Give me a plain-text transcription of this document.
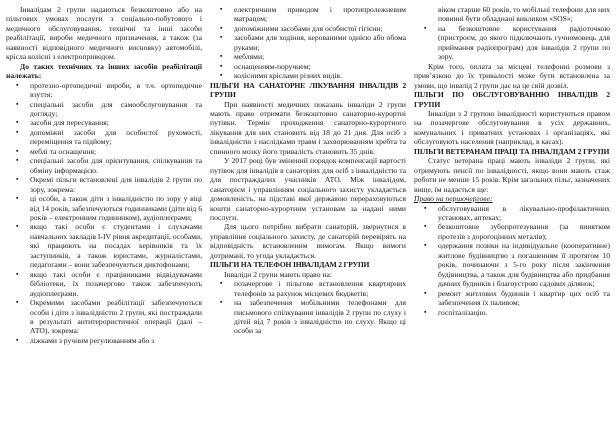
Інвалідам 2 групи надаються безкоштовно або на пільгових умовах послуги з соціально-побутового і медичного обслуговування, технічні та інші засоби реабілітації, вироби медичного призначення, а також (за наявності відповідного медичного висновку) автомобілі, крісла колісні з електроприводом.

До таких технічних та інших засобів реабілітації належать:

▪ протезно-ортопедичні вироби, в т.ч. ортопедичне взуття;
▪ спеціальні засоби для самообслуговування та догляду;
▪ засоби для пересування;
▪ допоміжні засоби для особистої рухомості, переміщення та підйому;
▪ меблі та оснащення;
▪ спеціальні засоби для орієнтування, спілкування та обміну інформацією.
▪ Окремі пільги встановлені для інвалідів 2 групи по зору, зокрема:
▪ ці особи, а також діти з інвалідністю по зору у віці від 14 років, забезпечуються годинниками (діти від 6 років – електронним годинником), аудіоплеєрами;
▪ якщо такі особи є студентами і слухачами навчальних закладів І-IV рівня акредитації, особами, які працюють на посадах керівників та їх заступників, а також юристами, журналістами, педагогами – вони забезпечуються диктофонами;
▪ якщо такі особи є працівниками відвідувачами бібліотеки, їх позачергово також забезпечують аудіоплеєрами.
▪ Окремими засобами реабілітації забезпечуються особи і діти з інвалідністю 2 групи, які постраждали в результаті антитерористичної операції (далі – АТО), зокрема:
▪ ліжками з ручним регулюванням або з
▪ електричним приводом і протипролежневим матрацом;
▪ допоміжними засобами для особистої гігієни;
▪ засобами для ходіння, керованими однією або обома руками;
▪ меблями;
▪ оснащенням-поручнем;
▪ колісними кріслами різних видів.

ПІЛЬГИ НА САНАТОРНЕ ЛІКУВАННЯ ІНВАЛІДІВ 2 ГРУПИ

При наявності медичних показань інваліди 2 групи мають право отримати безкоштовно санаторно-курортні путівки. Термін проходження санаторно-курортного лікування для них становить від 18 до 21 дня. Для осіб з інвалідністю з наслідками травм і захворюванням хребта та спинного мозку його тривалість становить 35 днів.

У 2017 році був змінений порядок компенсації вартості путівок для інвалідів в санаторіях для осіб з інвалідністю та для постраждалих учасників АТО. Між інвалідом, санаторієм і управлінням соціального захисту укладається домовленість, на підставі якої державою перераховуються кошти санаторно-курортним установам за надані ними послуги.

Для цього потрібно вибрати санаторій, звернутися в управління соціального захисту, де санаторій перевірять на відповідність встановленим вимогам. Якщо вимоги дотримані, то угода укладається.

ПІЛЬГИ НА ТЕЛЕФОН ІНВАЛІДАМ 2 ГРУПИ

Інваліди 2 групи мають право на:

▪ позачергове і пільгове встановлення квартирних телефонів за рахунок місцевих бюджетів;
▪ на забезпечення мобільними телефонами для письмового спілкування інвалідів 2 групи по слуху і дітей від 7 років з інвалідністю по слуху. Якщо ці особи за

віком старше 60 років, то мобільні телефони для них повинні бути обладнані викликом «SOS»;

▪ на безкоштовне користування радіоточкою (пристроєм, до якого підключають гучномовець для приймання радіопрограм) для інвалідів 2 групи по зору.

Крім того, оплата за місцеві телефонні розмови з прив’язкою до їх тривалості може бути встановлена за умови, що інвалід 2 групи дає на це свій дозвіл.

ПІЛЬГИ ПО ОБСЛУГОВУВАННЮ ІНВАЛІДІВ 2 ГРУПИ

Інваліди з 2 групою інвалідності користуються правом на позачергове обслуговування в усіх державних, комунальних і приватних установах і організаціях, які обслуговують населення (наприклад, в касах).

ПІЛЬГИ ВЕТЕРАНАМ ПРАЦІ ТА ІНВАЛІДАМ 2 ГРУПИ

Статус ветерана праці мають інваліди 2 групи, які отримують пенсії по інвалідності, якщо вони мають стаж роботи не менше 15 років. Крім загальних пільг, зазначених вище, їм надається ще:

Право на першочергове:

▪ обслуговування в лікувально-профілактичних установах, аптеках;
▪ безкоштовне зубопротезування (за винятком протезів з дорогоцінних металів);
▪ одержання позики на індивідуальне (кооперативне) житлове будівництво з погашенням її протягом 10 років, починаючи з 5-го року після закінчення будівництва, а також для будівництва або придбання дачних будинків і благоустрою садових ділянок;
▪ ремонт житлових будинків і квартир цих осіб та забезпечення їх паливом;
▪ госпіталізацію.
